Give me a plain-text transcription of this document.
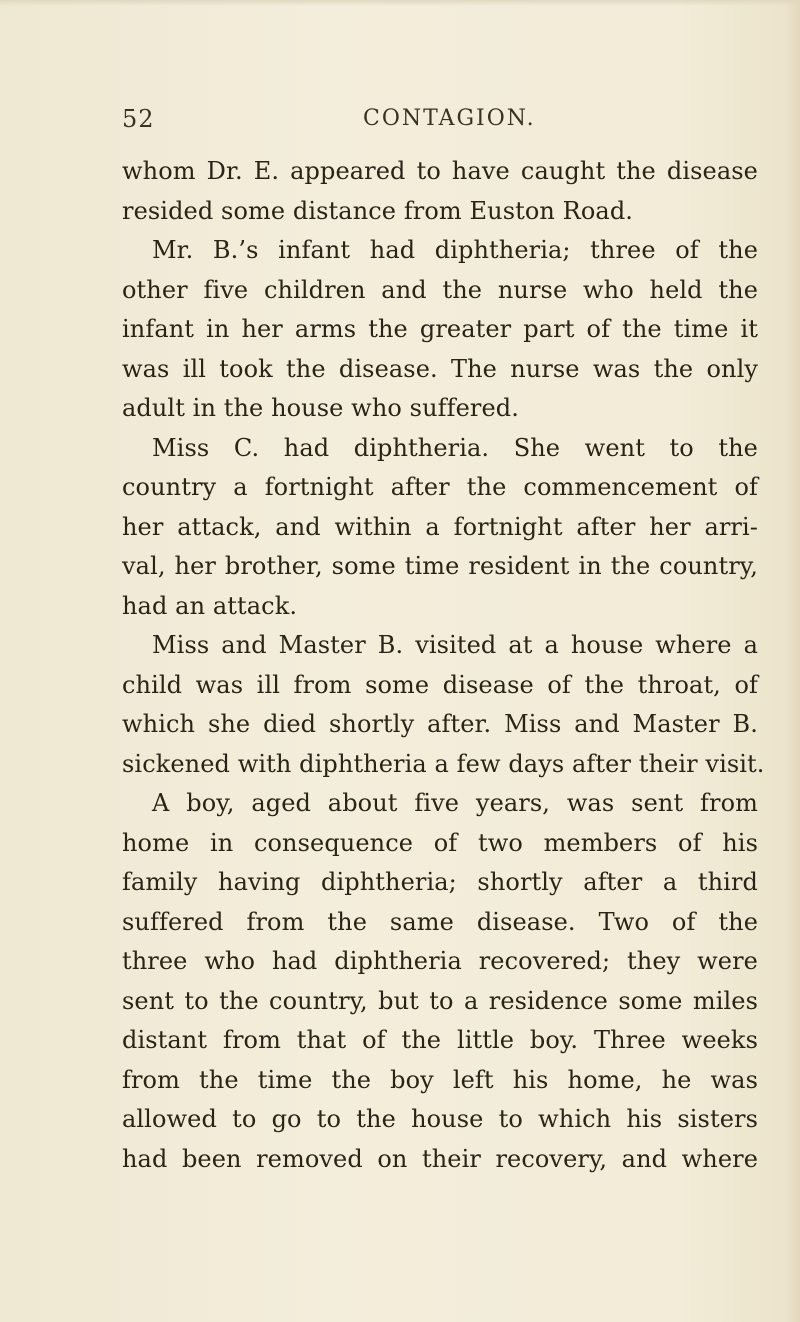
52	CONTAGION.
whom Dr. E. appeared to have caught the disease
resided some distance from Euston Road.
Mr. B.’s infant had diphtheria; three of the
other five children and the nurse who held the
infant in her arms the greater part of the time it
was ill took the disease. The nurse was the only
adult in the house who suffered.
Miss C. had diphtheria. She went to the
country a fortnight after the commencement of
her attack, and within a fortnight after her arri-
val, her brother, some time resident in the country,
had an attack.
Miss and Master B. visited at a house where a
child was ill from some disease of the throat, of
which she died shortly after. Miss and Master B.
sickened with diphtheria a few days after their visit.
A boy, aged about five years, was sent from
home in consequence of two members of his
family having diphtheria; shortly after a third
suffered from the same disease. Two of the
three who had diphtheria recovered; they were
sent to the country, but to a residence some miles
distant from that of the little boy. Three weeks
from the time the boy left his home, he was
allowed to go to the house to which his sisters
had been removed on their recovery, and where
